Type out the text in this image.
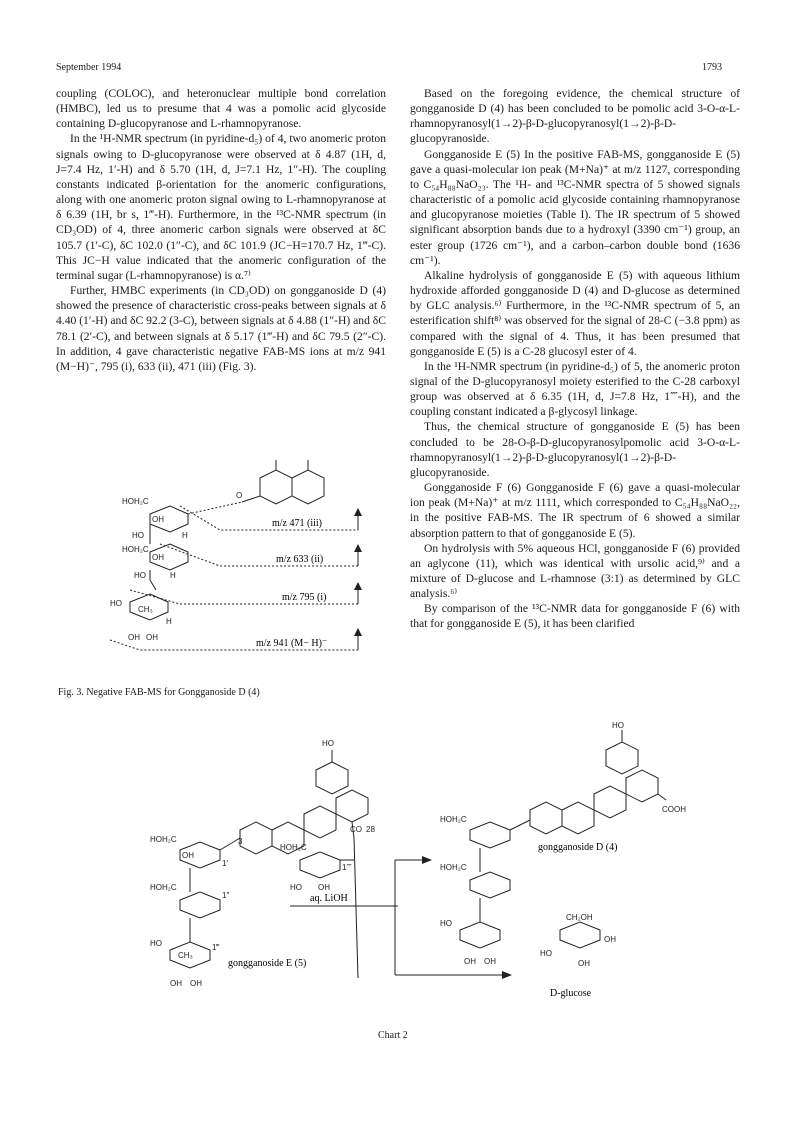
September 1994	1793

coupling (COLOC), and heteronuclear multiple bond correlation (HMBC), led us to presume that 4 was a pomolic acid glycoside containing D-glucopyranose and L-rhamnopyranose.

In the ¹H-NMR spectrum (in pyridine-d₅) of 4, two anomeric proton signals owing to D-glucopyranose were observed at δ 4.87 (1H, d, J=7.4 Hz, 1′-H) and δ 5.70 (1H, d, J=7.1 Hz, 1″-H). The coupling constants indicated β-orientation for the anomeric configurations, along with one anomeric proton signal owing to L-rhamnopyranose at δ 6.39 (1H, br s, 1‴-H). Furthermore, in the ¹³C-NMR spectrum (in CD₃OD) of 4, three anomeric carbon signals were observed at δC 105.7 (1′-C), δC 102.0 (1″-C), and δC 101.9 (JC−H=170.7 Hz, 1‴-C). This JC−H value indicated that the anomeric configuration of the terminal sugar (L-rhamnopyranose) is α.⁷⁾

Further, HMBC experiments (in CD₃OD) on gongganoside D (4) showed the presence of characteristic cross-peaks between signals at δ 4.40 (1′-H) and δC 92.2 (3-C), between signals at δ 4.88 (1″-H) and δC 78.1 (2′-C), and between signals at δ 5.17 (1‴-H) and δC 79.5 (2″-C). In addition, 4 gave characteristic negative FAB-MS ions at m/z 941 (M−H)⁻, 795 (i), 633 (ii), 471 (iii) (Fig. 3).

Based on the foregoing evidence, the chemical structure of gongganoside D (4) has been concluded to be pomolic acid 3-O-α-L-rhamnopyranosyl(1→2)-β-D-glucopyranosyl(1→2)-β-D-glucopyranoside.

Gongganoside E (5) In the positive FAB-MS, gongganoside E (5) gave a quasi-molecular ion peak (M+Na)⁺ at m/z 1127, corresponding to C₅₄H₈₈NaO₂₃. The ¹H- and ¹³C-NMR spectra of 5 showed signals characteristic of a pomolic acid glycoside containing rhamnopyranose and glucopyranose moieties (Table I). The IR spectrum of 5 showed significant absorption bands due to a hydroxyl (3390 cm⁻¹) group, an ester group (1726 cm⁻¹), and a carbon–carbon double bond (1636 cm⁻¹).

Alkaline hydrolysis of gongganoside E (5) with aqueous lithium hydroxide afforded gongganoside D (4) and D-glucose as determined by GLC analysis.⁶⁾ Furthermore, in the ¹³C-NMR spectrum of 5, an esterification shift⁸⁾ was observed for the signal of 28-C (−3.8 ppm) as compared with the signal of 4. Thus, it has been presumed that gongganoside E (5) is a C-28 glucosyl ester of 4.

In the ¹H-NMR spectrum (in pyridine-d₅) of 5, the anomeric proton signal of the D-glucopyranosyl moiety esterified to the C-28 carboxyl group was observed at δ 6.35 (1H, d, J=7.8 Hz, 1⁗-H), and the coupling constant indicated a β-glycosyl linkage.

Thus, the chemical structure of gongganoside E (5) has been concluded to be 28-O-β-D-glucopyranosylpomolic acid 3-O-α-L-rhamnopyranosyl(1→2)-β-D-glucopyranosyl(1→2)-β-D-glucopyranoside.

Gongganoside F (6) Gongganoside F (6) gave a quasi-molecular ion peak (M+Na)⁺ at m/z 1111, which corresponded to C₅₄H₈₈NaO₂₂, in the positive FAB-MS. The IR spectrum of 6 showed a similar absorption pattern to that of gongganoside E (5).

On hydrolysis with 5% aqueous HCl, gongganoside F (6) provided an aglycone (11), which was identical with ursolic acid,⁹⁾ and a mixture of D-glucose and L-rhamnose (3:1) as determined by GLC analysis.⁶⁾

By comparison of the ¹³C-NMR data for gongganoside F (6) with that for gongganoside E (5), it has been clarified

HOH₂C
O
OH
HO	H
HOH₂C
OH
HO	H
HO
CH₃
H
OH OH
m/z 471 (iii)
m/z 633 (ii)
m/z 795 (i)
m/z 941 (M− H)⁻
Fig. 3. Negative FAB-MS for Gongganoside D (4)
HO
CO 28
3
HOH₂C
OH
1′
HOH₂C
1″
HO
CH₃
1‴
OH OH
HOH₂C
1⁗
HO OH
HO
COOH
HOH₂C
HOH₂C
HO
OH OH
CH₂OH
HO
OH
OH
aq. LiOH
gongganoside E (5)
gongganoside D (4)
D-glucose
Chart 2
